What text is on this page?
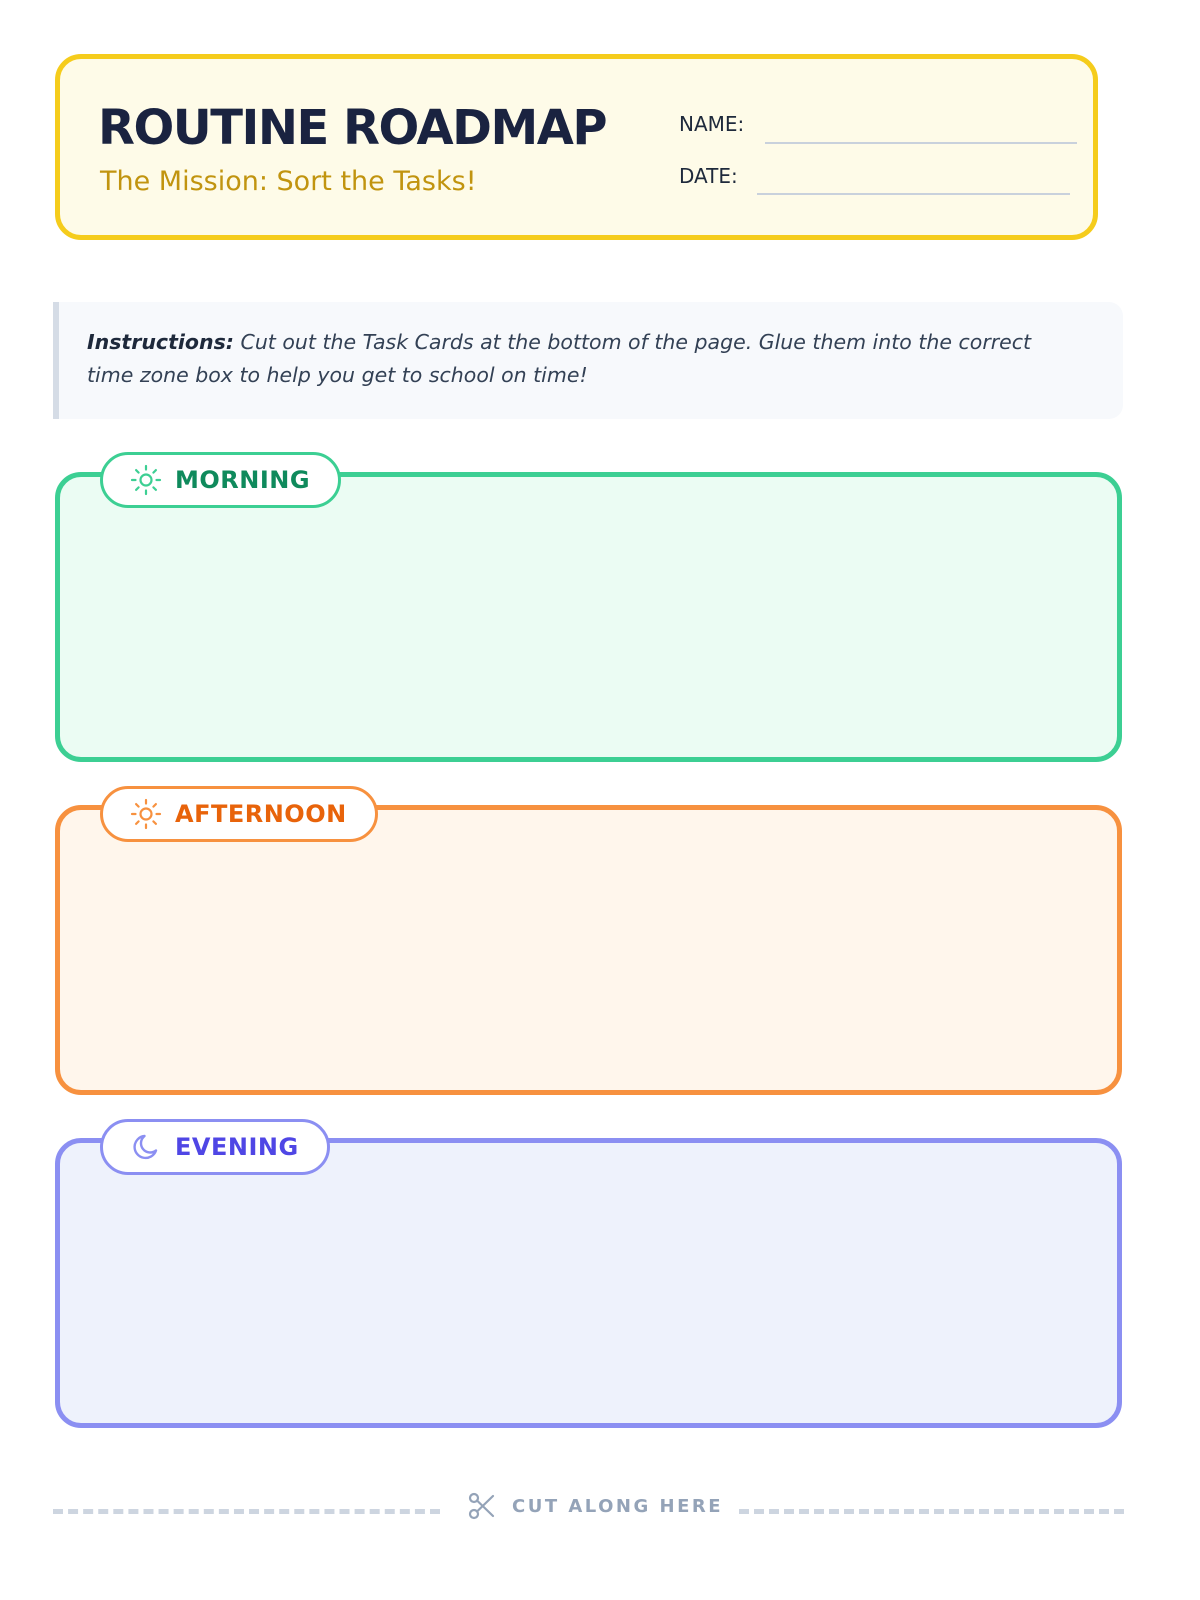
ROUTINE ROADMAP

The Mission: Sort the Tasks!

NAME:
DATE:
Instructions: Cut out the Task Cards at the bottom of the page. Glue them into the correct time zone box to help you get to school on time!
MORNING
AFTERNOON
EVENING
CUT ALONG HERE
